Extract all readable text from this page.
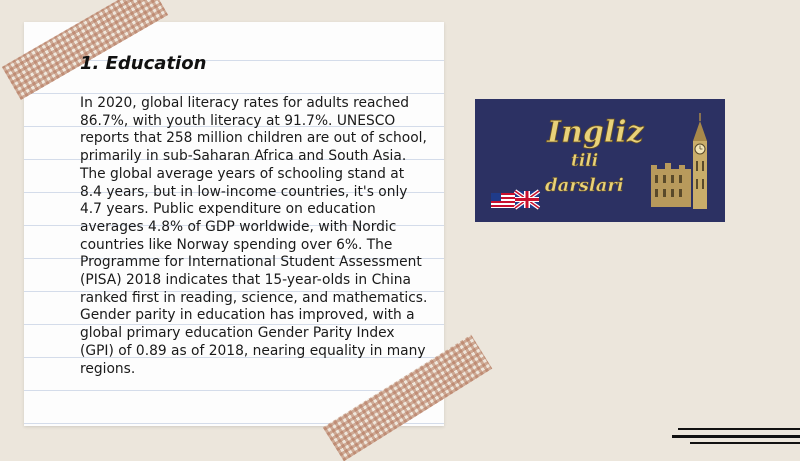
1. Education

In 2020, global literacy rates for adults reached 86.7%, with youth literacy at 91.7%. UNESCO reports that 258 million children are out of school, primarily in sub-Saharan Africa and South Asia. The global average years of schooling stand at 8.4 years, but in low-income countries, it's only 4.7 years. Public expenditure on education averages 4.8% of GDP worldwide, with Nordic countries like Norway spending over 6%. The Programme for International Student Assessment (PISA) 2018 indicates that 15-year-olds in China ranked first in reading, science, and mathematics. Gender parity in education has improved, with a global primary education Gender Parity Index (GPI) of 0.89 as of 2018, nearing equality in many regions.

Ingliz
tili
darslari
